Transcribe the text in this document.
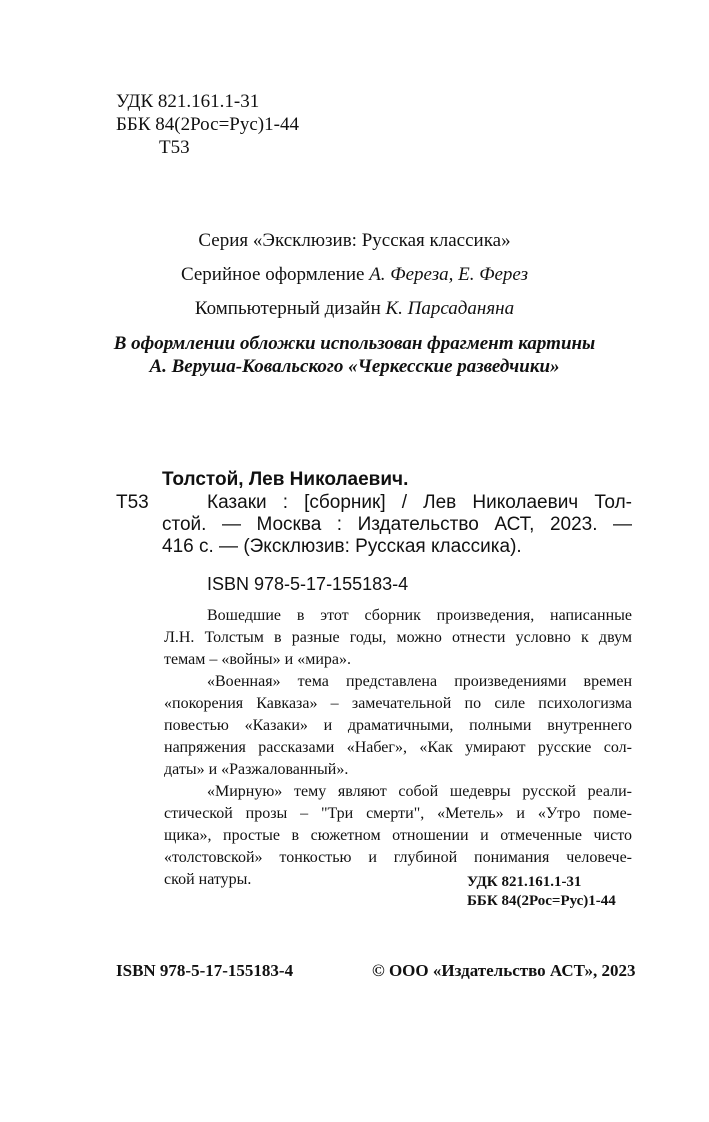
УДК 821.161.1-31
ББК 84(2Рос=Рус)1-44
Т53
Серия «Эксклюзив: Русская классика»
Серийное оформление А. Фереза, Е. Ферез
Компьютерный дизайн К. Парсаданяна
В оформлении обложки использован фрагмент картины
А. Веруша-Ковальского «Черкесские разведчики»
Толстой, Лев Николаевич.
Т53	Казаки : [сборник] / Лев Николаевич Тол-
стой. — Москва : Издательство АСТ, 2023. —
416 с. — (Эксклюзив: Русская классика).
ISBN 978-5-17-155183-4
Вошедшие в этот сборник произведения, написанные
Л.Н. Толстым в разные годы, можно отнести условно к двум
темам – «войны» и «мира».
«Военная» тема представлена произведениями времен
«покорения Кавказа» – замечательной по силе психологизма
повестью «Казаки» и драматичными, полными внутреннего
напряжения рассказами «Набег», «Как умирают русские сол-
даты» и «Разжалованный».
«Мирную» тему являют собой шедевры русской реали-
стической прозы – "Три смерти", «Метель» и «Утро поме-
щика», простые в сюжетном отношении и отмеченные чисто
«толстовской» тонкостью и глубиной понимания человече-
ской натуры.	УДК 821.161.1-31
ББК 84(2Рос=Рус)1-44
ISBN 978-5-17-155183-4	© ООО «Издательство АСТ», 2023
